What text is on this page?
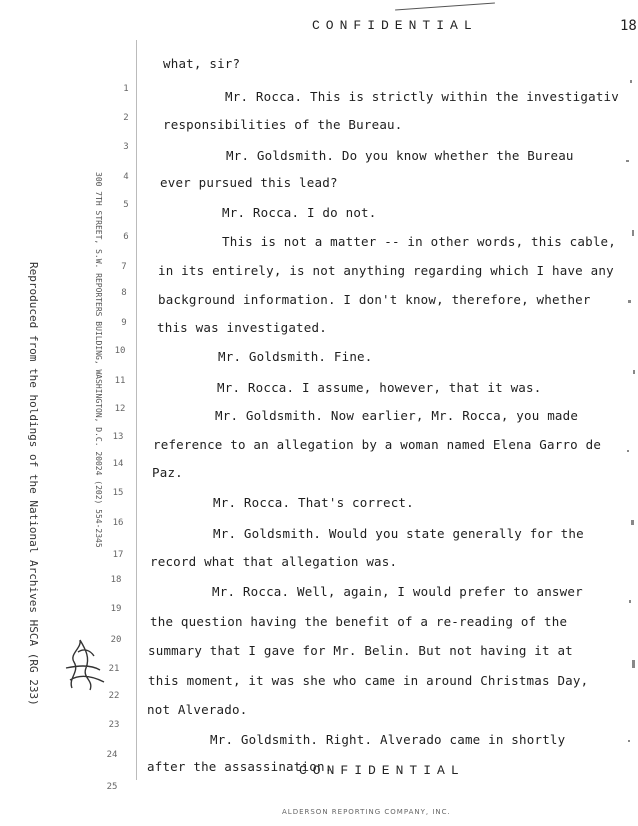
CONFIDENTIAL	18
Reproduced from the holdings of the National Archives HSCA (RG 233)	300 7TH STREET, S.W. REPORTERS BUILDING, WASHINGTON, D.C. 20024 (202) 554-2345
1
2
3
4
5
6
7
8
9
10
11
12
13
14
15
16
17
18
19
20
21
22
23
24
25
what, sir?
Mr. Rocca. This is strictly within the investigativ
responsibilities of the Bureau.
Mr. Goldsmith. Do you know whether the Bureau
ever pursued this lead?
Mr. Rocca. I do not.
This is not a matter -- in other words, this cable,
in its entirely, is not anything regarding which I have any
background information. I don't know, therefore, whether
this was investigated.
Mr. Goldsmith. Fine.
Mr. Rocca. I assume, however, that it was.
Mr. Goldsmith. Now earlier, Mr. Rocca, you made
reference to an allegation by a woman named Elena Garro de
Paz.
Mr. Rocca. That's correct.
Mr. Goldsmith. Would you state generally for the
record what that allegation was.
Mr. Rocca. Well, again, I would prefer to answer
the question having the benefit of a re-reading of the
summary that I gave for Mr. Belin. But not having it at
this moment, it was she who came in around Christmas Day,
not Alverado.
Mr. Goldsmith. Right. Alverado came in shortly
after the assassination.
CONFIDENTIAL
ALDERSON REPORTING COMPANY, INC.
